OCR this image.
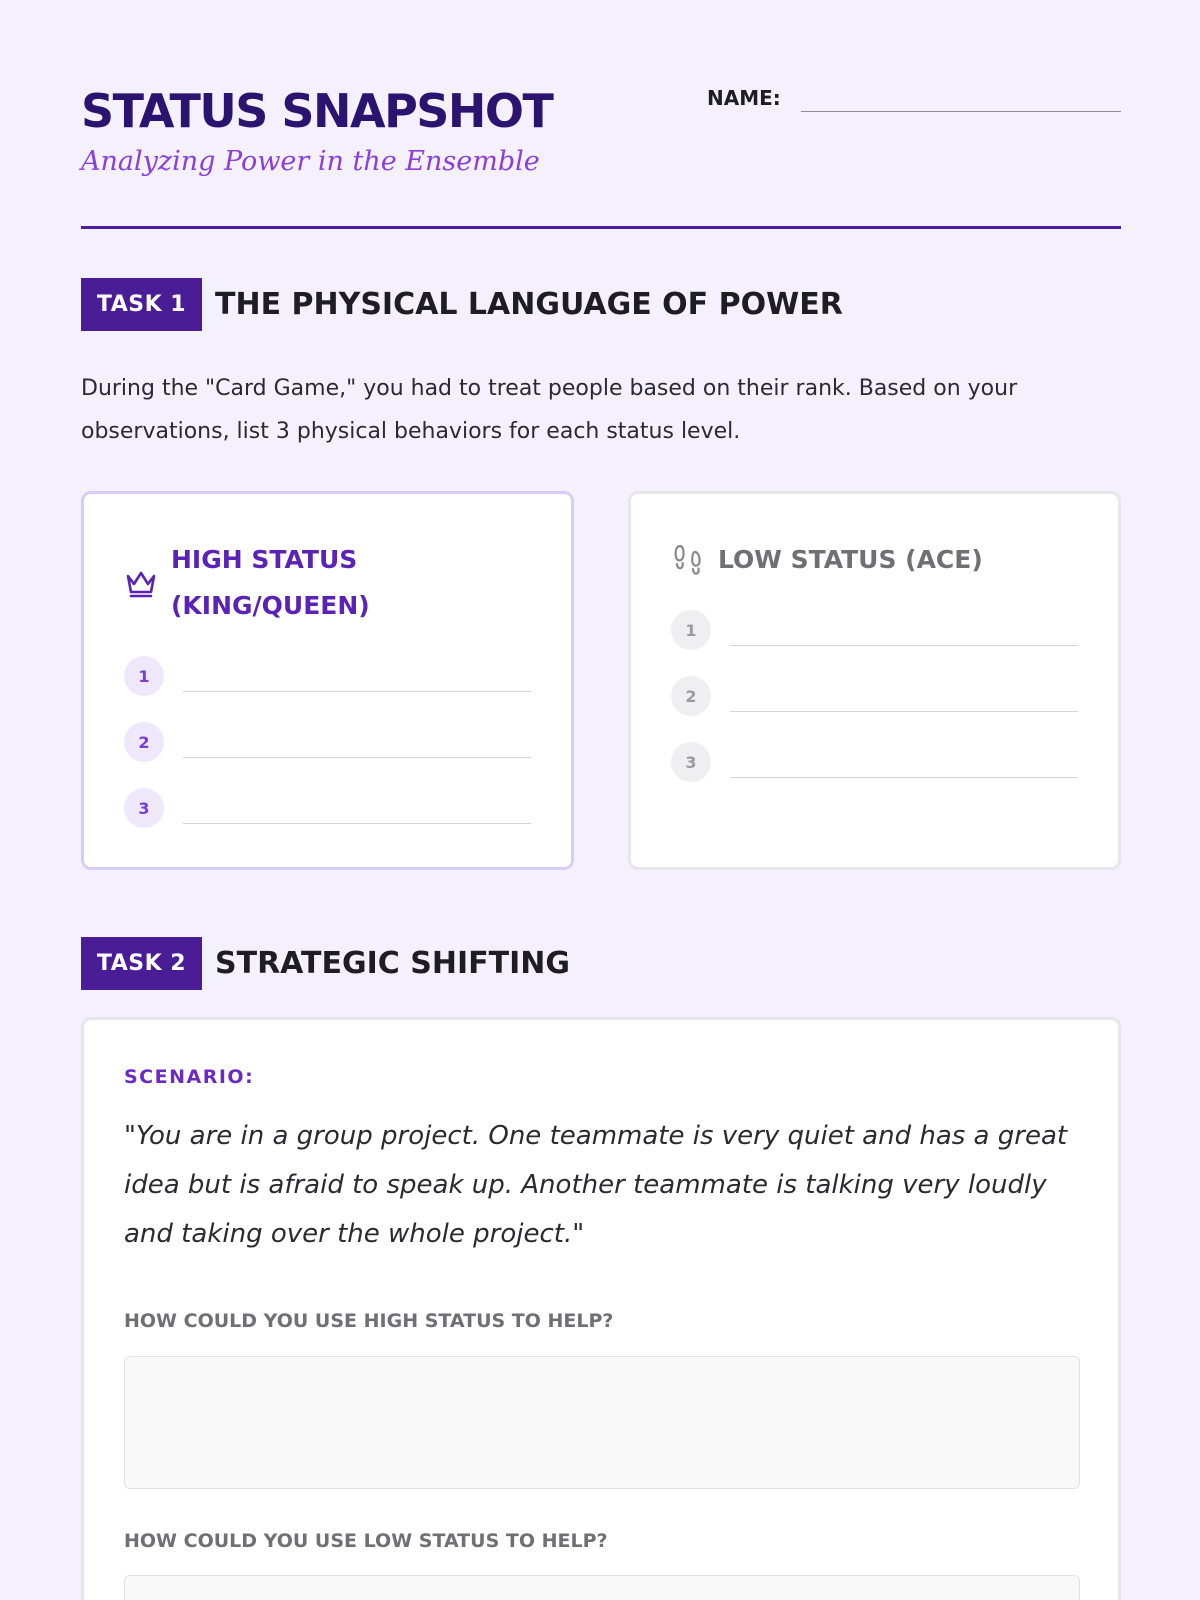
STATUS SNAPSHOT
Analyzing Power in the Ensemble
NAME:
TASK 1 THE PHYSICAL LANGUAGE OF POWER

During the "Card Game," you had to treat people based on their rank. Based on your observations, list 3 physical behaviors for each status level.

HIGH STATUS
(KING/QUEEN)
1
2
3
LOW STATUS (ACE)
1
2
3
TASK 2 STRATEGIC SHIFTING
SCENARIO:

"You are in a group project. One teammate is very quiet and has a great idea but is afraid to speak up. Another teammate is talking very loudly and taking over the whole project."

HOW COULD YOU USE HIGH STATUS TO HELP?
HOW COULD YOU USE LOW STATUS TO HELP?
